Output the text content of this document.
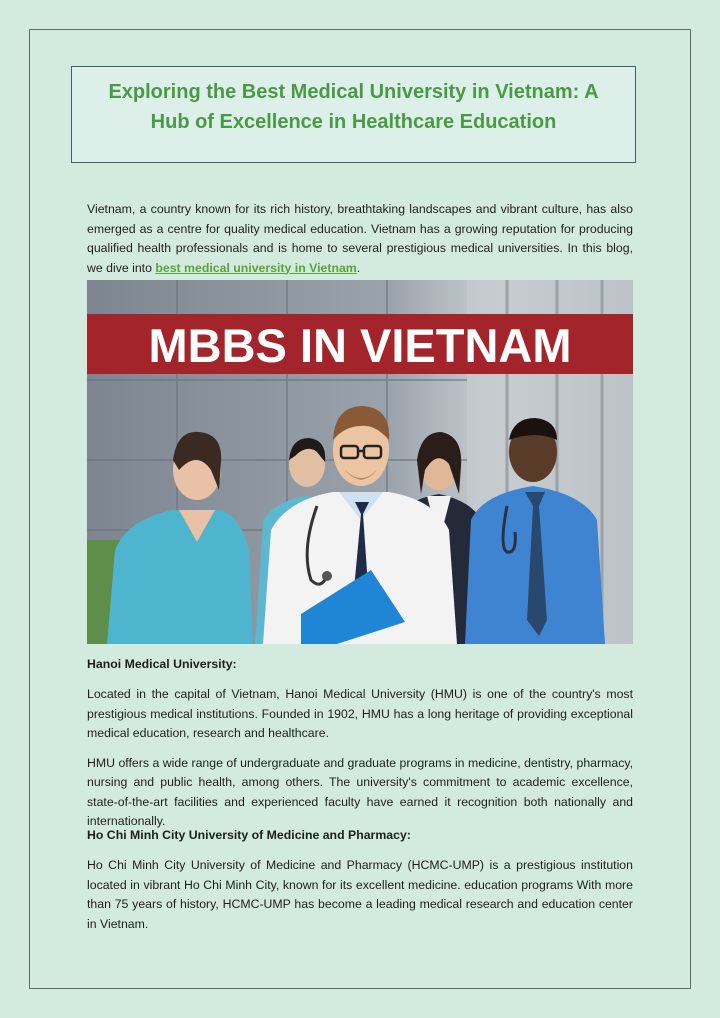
Exploring the Best Medical University in Vietnam: A Hub of Excellence in Healthcare Education

Vietnam, a country known for its rich history, breathtaking landscapes and vibrant culture, has also emerged as a centre for quality medical education. Vietnam has a growing reputation for producing qualified health professionals and is home to several prestigious medical universities. In this blog, we dive into best medical university in Vietnam.

MBBS IN VIETNAM

Hanoi Medical University:

Located in the capital of Vietnam, Hanoi Medical University (HMU) is one of the country's most prestigious medical institutions. Founded in 1902, HMU has a long heritage of providing exceptional medical education, research and healthcare.

HMU offers a wide range of undergraduate and graduate programs in medicine, dentistry, pharmacy, nursing and public health, among others. The university's commitment to academic excellence, state-of-the-art facilities and experienced faculty have earned it recognition both nationally and internationally.

Ho Chi Minh City University of Medicine and Pharmacy:

Ho Chi Minh City University of Medicine and Pharmacy (HCMC-UMP) is a prestigious institution located in vibrant Ho Chi Minh City, known for its excellent medicine. education programs With more than 75 years of history, HCMC-UMP has become a leading medical research and education center in Vietnam.
